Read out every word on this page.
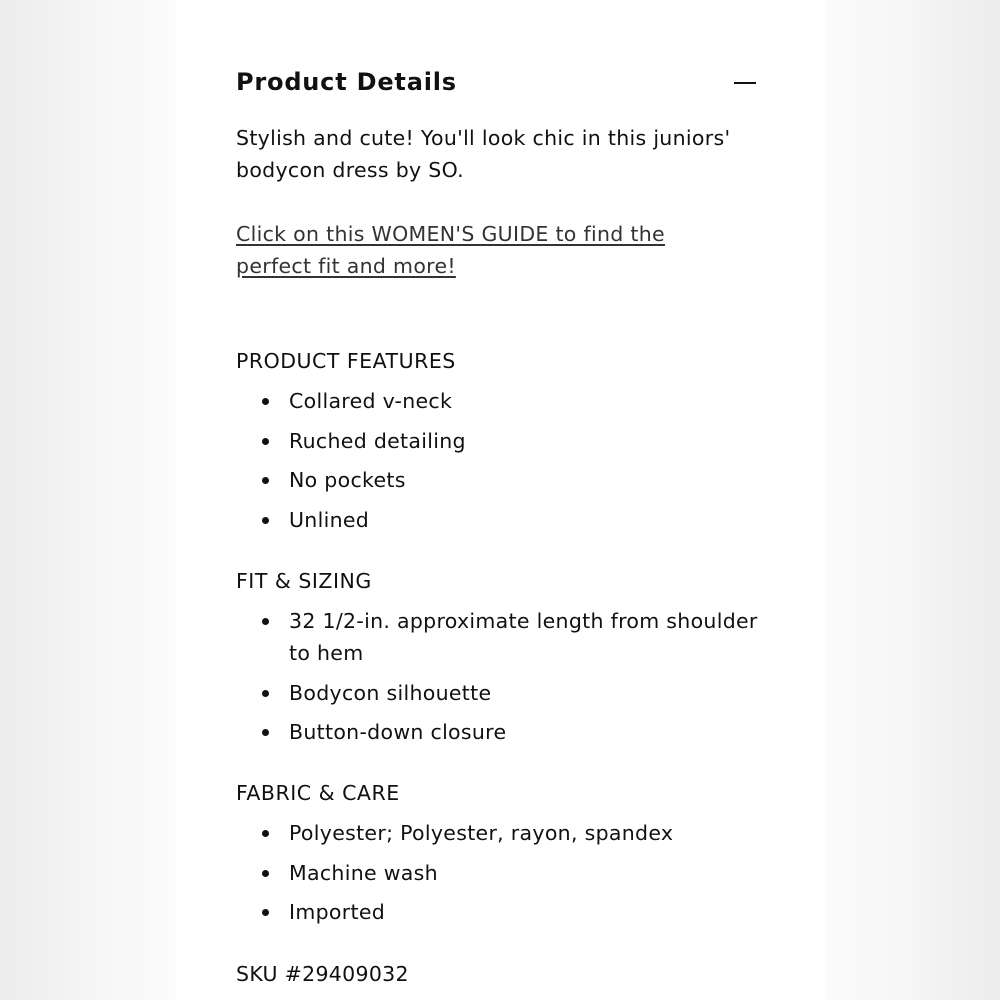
Product Details

Stylish and cute! You'll look chic in this juniors' bodycon dress by SO.

Click on this WOMEN'S GUIDE to find the perfect fit and more!
PRODUCT FEATURES
Collared v-neck
Ruched detailing
No pockets
Unlined
FIT & SIZING
32 1/2-in. approximate length from shoulder to hem
Bodycon silhouette
Button-down closure
FABRIC & CARE
Polyester; Polyester, rayon, spandex
Machine wash
Imported
SKU #29409032
